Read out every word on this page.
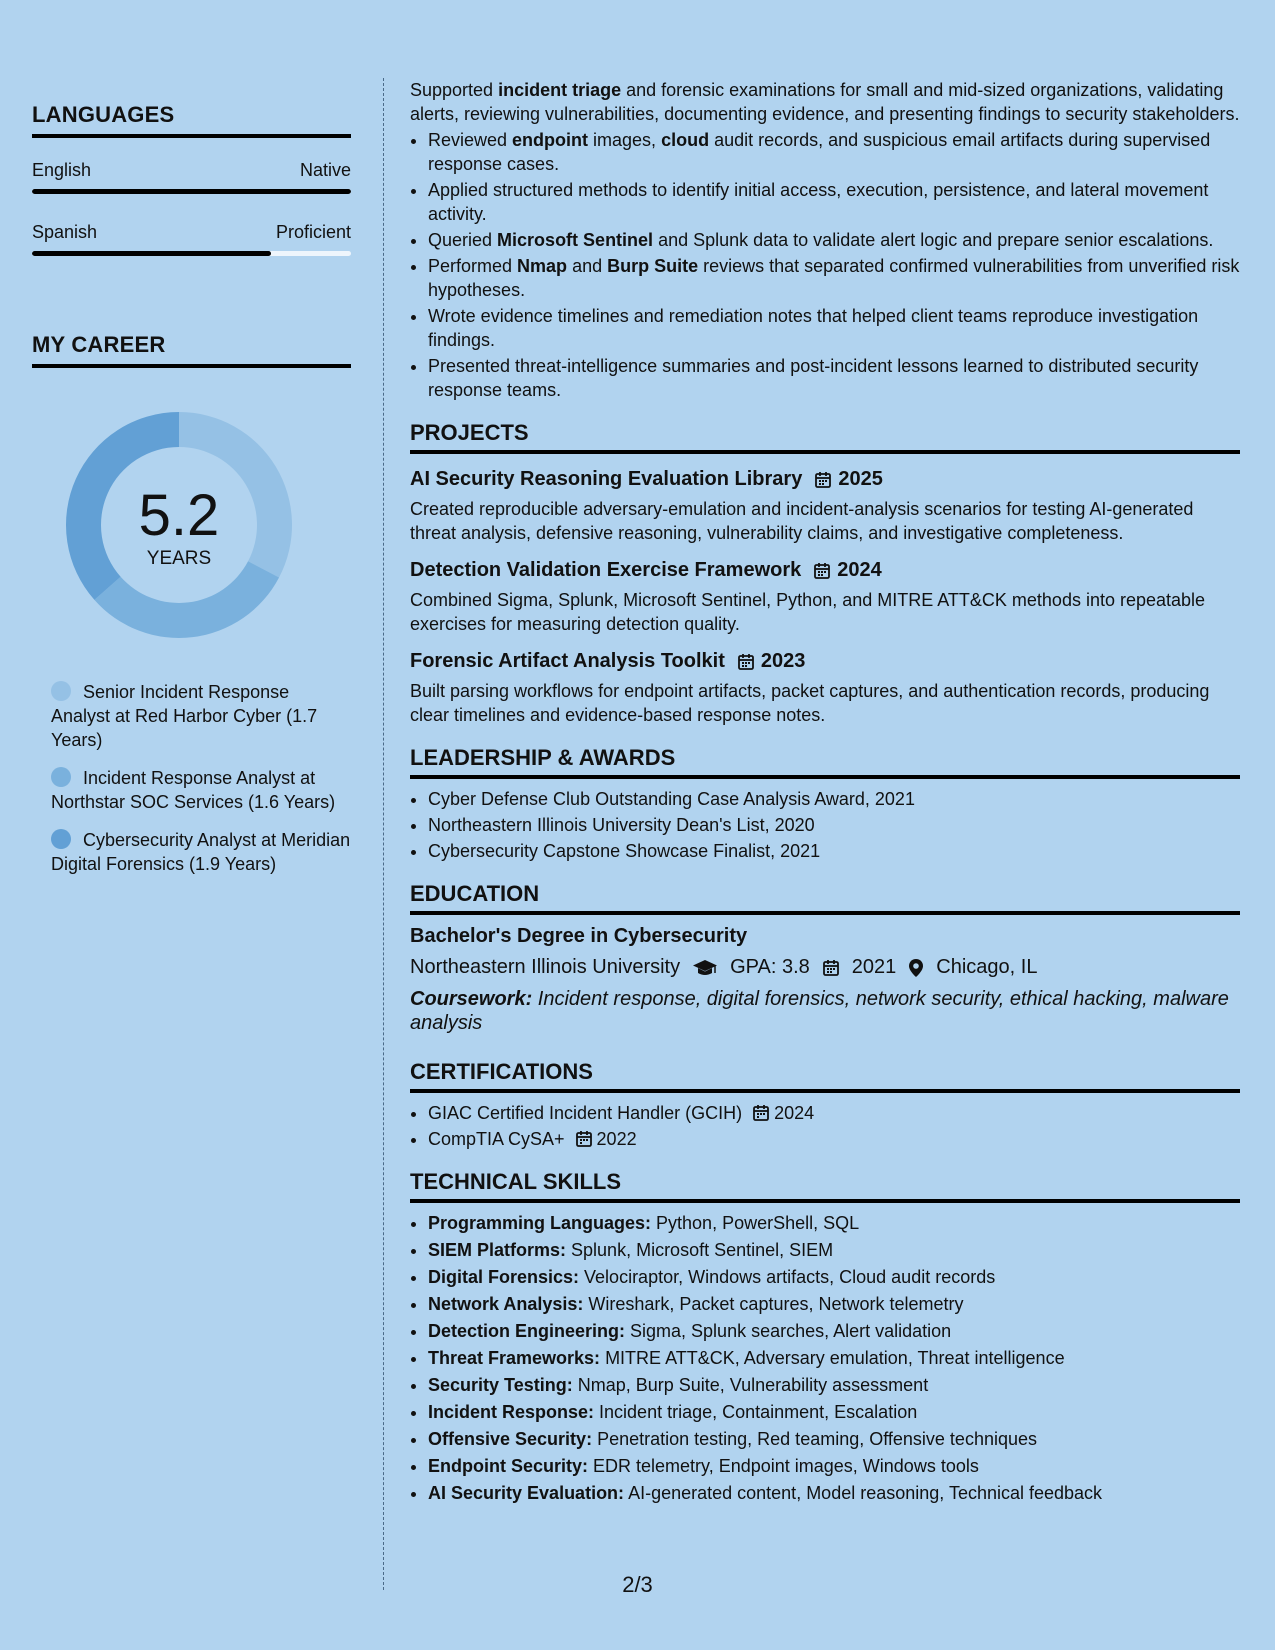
LANGUAGES
English	Native
Spanish	Proficient
MY CAREER
5.2
YEARS
Senior Incident Response Analyst at Red Harbor Cyber (1.7 Years)
Incident Response Analyst at Northstar SOC Services (1.6 Years)
Cybersecurity Analyst at Meridian Digital Forensics (1.9 Years)

Supported incident triage and forensic examinations for small and mid-sized organizations, validating alerts, reviewing vulnerabilities, documenting evidence, and presenting findings to security stakeholders.

• Reviewed endpoint images, cloud audit records, and suspicious email artifacts during supervised response cases.
• Applied structured methods to identify initial access, execution, persistence, and lateral movement activity.
• Queried Microsoft Sentinel and Splunk data to validate alert logic and prepare senior escalations.
• Performed Nmap and Burp Suite reviews that separated confirmed vulnerabilities from unverified risk hypotheses.
• Wrote evidence timelines and remediation notes that helped client teams reproduce investigation findings.
• Presented threat-intelligence summaries and post-incident lessons learned to distributed security response teams.
PROJECTS
AI Security Reasoning Evaluation Library 2025

Created reproducible adversary-emulation and incident-analysis scenarios for testing AI-generated threat analysis, defensive reasoning, vulnerability claims, and investigative completeness.

Detection Validation Exercise Framework 2024

Combined Sigma, Splunk, Microsoft Sentinel, Python, and MITRE ATT&CK methods into repeatable exercises for measuring detection quality.

Forensic Artifact Analysis Toolkit 2023

Built parsing workflows for endpoint artifacts, packet captures, and authentication records, producing clear timelines and evidence-based response notes.

LEADERSHIP & AWARDS
• Cyber Defense Club Outstanding Case Analysis Award, 2021
• Northeastern Illinois University Dean's List, 2020
• Cybersecurity Capstone Showcase Finalist, 2021
EDUCATION
Bachelor's Degree in Cybersecurity
Northeastern Illinois University	GPA: 3.8 2021 Chicago, IL
Coursework: Incident response, digital forensics, network security, ethical hacking, malware analysis
CERTIFICATIONS
• GIAC Certified Incident Handler (GCIH) 2024
• CompTIA CySA+ 2022
TECHNICAL SKILLS
• Programming Languages: Python, PowerShell, SQL
• SIEM Platforms: Splunk, Microsoft Sentinel, SIEM
• Digital Forensics: Velociraptor, Windows artifacts, Cloud audit records
• Network Analysis: Wireshark, Packet captures, Network telemetry
• Detection Engineering: Sigma, Splunk searches, Alert validation
• Threat Frameworks: MITRE ATT&CK, Adversary emulation, Threat intelligence
• Security Testing: Nmap, Burp Suite, Vulnerability assessment
• Incident Response: Incident triage, Containment, Escalation
• Offensive Security: Penetration testing, Red teaming, Offensive techniques
• Endpoint Security: EDR telemetry, Endpoint images, Windows tools
• AI Security Evaluation: AI-generated content, Model reasoning, Technical feedback
2/3
